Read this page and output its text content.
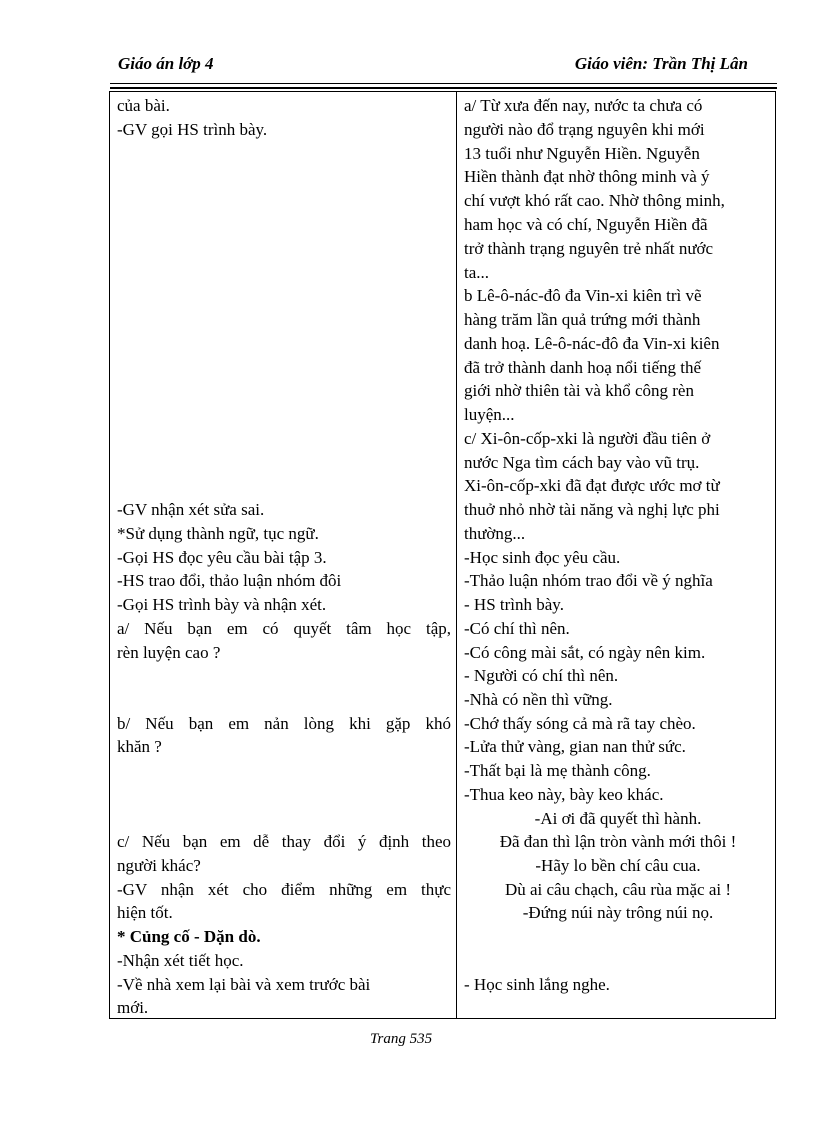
Giáo án lớp 4	Giáo viên: Trần Thị Lân
của bài.
-GV gọi HS trình bày.
-GV nhận xét sửa sai.
*Sử dụng thành ngữ, tục ngữ.
-Gọi HS đọc yêu cầu bài tập 3.
-HS trao đổi, thảo luận nhóm đôi
-Gọi HS trình bày và nhận xét.
a/ Nếu bạn em có quyết tâm học tập,
rèn luyện cao ?
b/ Nếu bạn em nản lòng khi gặp khó
khăn ?
c/ Nếu bạn em dễ thay đổi ý định theo
người khác?
-GV nhận xét cho điểm những em thực
hiện tốt.
* Củng cố - Dặn dò.
-Nhận xét tiết học.
-Về nhà xem lại bài và xem trước bài
mới.
a/ Từ xưa đến nay, nước ta chưa có
người nào đổ trạng nguyên khi mới
13 tuổi như Nguyễn Hiền. Nguyễn
Hiền thành đạt nhờ thông minh và ý
chí vượt khó rất cao. Nhờ thông minh,
ham học và có chí, Nguyễn Hiền đã
trở thành trạng nguyên trẻ nhất nước
ta...
b Lê-ô-nác-đô đa Vin-xi kiên trì vẽ
hàng trăm lần quả trứng mới thành
danh hoạ. Lê-ô-nác-đô đa Vin-xi kiên
đã trở thành danh hoạ nổi tiếng thế
giới nhờ thiên tài và khổ công rèn
luyện...
c/ Xi-ôn-cốp-xki là người đầu tiên ở
nước Nga tìm cách bay vào vũ trụ.
Xi-ôn-cốp-xki đã đạt được ước mơ từ
thuở nhỏ nhờ tài năng và nghị lực phi
thường...
-Học sinh đọc yêu cầu.
-Thảo luận nhóm trao đổi về ý nghĩa
- HS trình bày.
-Có chí thì nên.
-Có công mài sắt, có ngày nên kim.
- Người có chí thì nên.
-Nhà có nền thì vững.
-Chớ thấy sóng cả mà rã tay chèo.
-Lửa thử vàng, gian nan thử sức.
-Thất bại là mẹ thành công.
-Thua keo này, bày keo khác.
-Ai ơi đã quyết thì hành.
Đã đan thì lận tròn vành mới thôi !
-Hãy lo bền chí câu cua.
Dù ai câu chạch, câu rùa mặc ai !
-Đứng núi này trông núi nọ.
- Học sinh lắng nghe.
Trang 535
